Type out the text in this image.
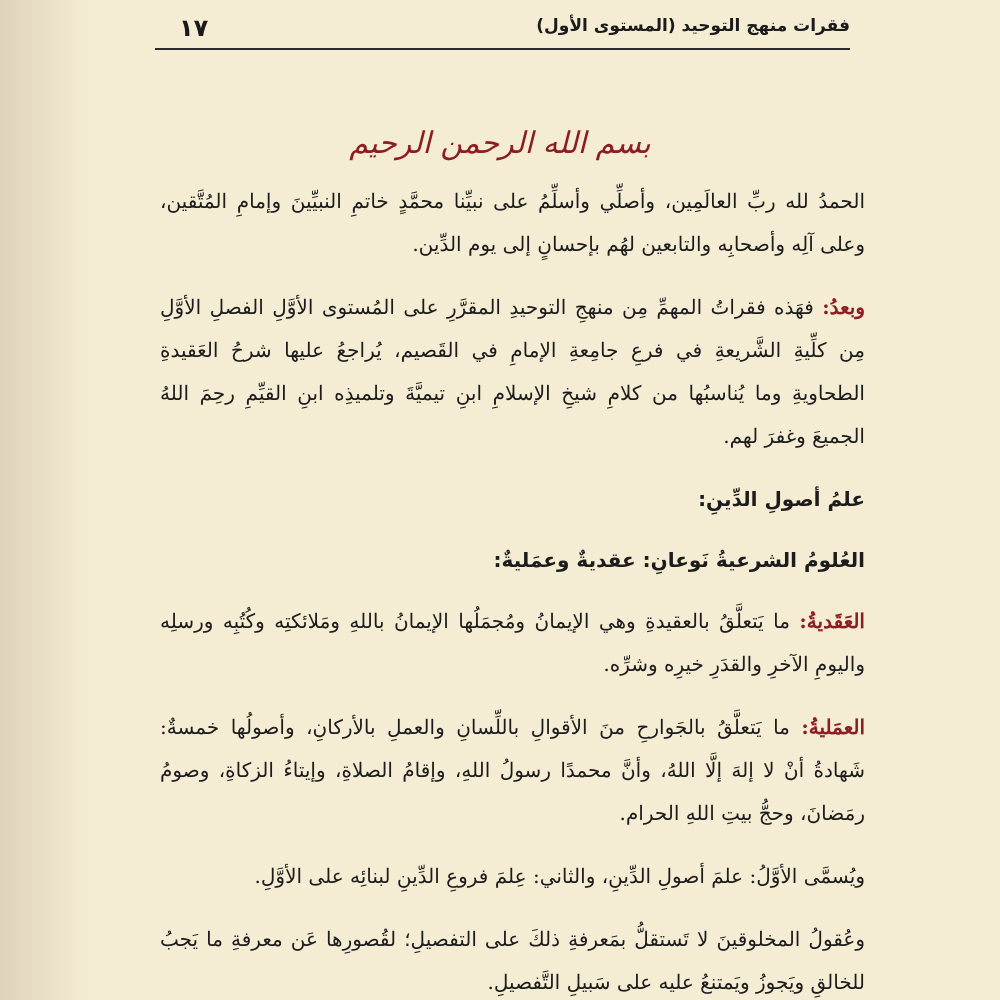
فقرات منهج التوحيد (المستوى الأول)
١٧
بسم الله الرحمن الرحيم

الحمدُ لله ربِّ العالَمِين، وأصلِّي وأسلِّمُ على نبيِّنا محمَّدٍ خاتمِ النبيِّينَ وإمامِ المُتَّقين، وعلى آلِه وأصحابِه والتابعين لهُم بإحسانٍ إلى يوم الدِّين.

وبعدُ: فهَذه فقراتُ المهمِّ مِن منهجِ التوحيدِ المقرَّرِ على المُستوى الأوَّلِ الفصلِ الأوَّلِ مِن كلِّيةِ الشَّريعةِ في فرعِ جامِعةِ الإمامِ في القَصيم، يُراجعُ عليها شرحُ العَقيدةِ الطحاويةِ وما يُناسبُها من كلامِ شيخِ الإسلامِ ابنِ تيميَّةَ وتلميذِه ابنِ القيِّمِ رحِمَ اللهُ الجميعَ وغفرَ لهم.

علمُ أصولِ الدِّينِ:

العُلومُ الشرعيةُ نَوعانِ: عقديةٌ وعمَليةٌ:

العَقَديةُ: ما يَتعلَّقُ بالعقيدةِ وهي الإيمانُ ومُجمَلُها الإيمانُ باللهِ ومَلائكتِه وكُتُبِه ورسلِه واليومِ الآخرِ والقدَرِ خيرِه وشرِّه.

العمَليةُ: ما يَتعلَّقُ بالجَوارحِ منَ الأقوالِ باللِّسانِ والعملِ بالأركانِ، وأصولُها خمسةٌ: شَهادةُ أنْ لا إلهَ إلَّا اللهُ، وأنَّ محمدًا رسولُ اللهِ، وإقامُ الصلاةِ، وإيتاءُ الزكاةِ، وصومُ رمَضانَ، وحجُّ بيتِ اللهِ الحرام.

ويُسمَّى الأوَّلُ: علمَ أصولِ الدِّينِ، والثاني: عِلمَ فروعِ الدِّينِ لبنائِه على الأوَّلِ.

وعُقولُ المخلوقينَ لا تَستقلُّ بمَعرفةِ ذلكَ على التفصيلِ؛ لقُصورِها عَن معرفةِ ما يَجبُ للخالقِ ويَجوزُ ويَمتنعُ عليه على سَبيلِ التَّفصيلِ.
